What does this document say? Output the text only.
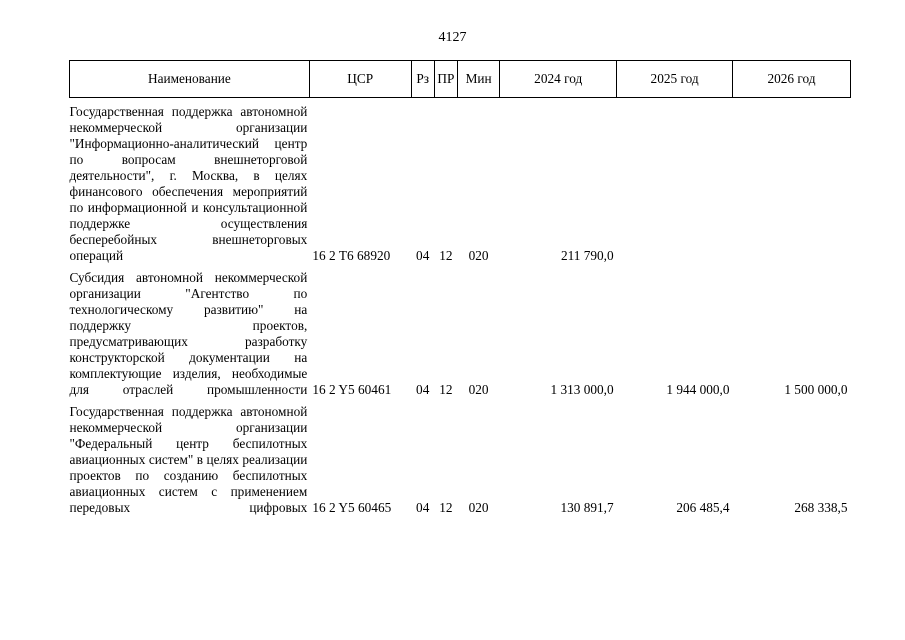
4127
Наименование	ЦСР	Рз	ПР	Мин	2024 год	2025 год	2026 год
Государственная поддержка автономной некоммерческой организации "Информационно-аналитический центр по вопросам внешнеторговой деятельности", г. Москва, в целях финансового обеспечения мероприятий по информационной и консультационной поддержке осуществления бесперебойных внешнеторговых операций	16 2 Т6 68920	04	12	020	211 790,0		
Субсидия автономной некоммерческой организации "Агентство по технологическому развитию" на поддержку проектов, предусматривающих разработку конструкторской документации на комплектующие изделия, необходимые для отраслей промышленности	16 2 Y5 60461	04	12	020	1 313 000,0	1 944 000,0	1 500 000,0
Государственная поддержка автономной некоммерческой организации "Федеральный центр беспилотных авиационных систем" в целях реализации проектов по созданию беспилотных авиационных систем с применением передовых цифровых	16 2 Y5 60465	04	12	020	130 891,7	206 485,4	268 338,5
